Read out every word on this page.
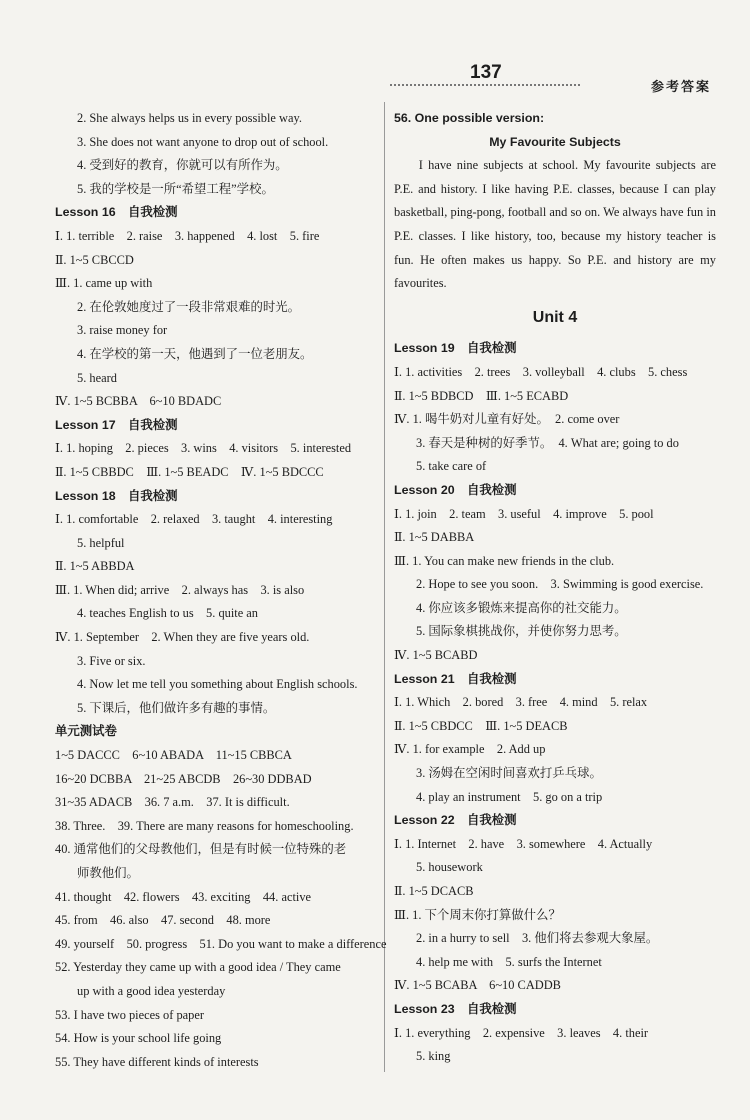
137
参考答案
2. She always helps us in every possible way.
3. She does not want anyone to drop out of school.
4. 受到好的教育，你就可以有所作为。
5. 我的学校是一所“希望工程”学校。
Lesson 16　自我检测
Ⅰ. 1. terrible　2. raise　3. happened　4. lost　5. fire
Ⅱ. 1~5 CBCCD
Ⅲ. 1. came up with
2. 在伦敦她度过了一段非常艰难的时光。
3. raise money for
4. 在学校的第一天，他遇到了一位老朋友。
5. heard
Ⅳ. 1~5 BCBBA　6~10 BDADC
Lesson 17　自我检测
Ⅰ. 1. hoping　2. pieces　3. wins　4. visitors　5. interested
Ⅱ. 1~5 CBBDC　Ⅲ. 1~5 BEADC　Ⅳ. 1~5 BDCCC
Lesson 18　自我检测
Ⅰ. 1. comfortable　2. relaxed　3. taught　4. interesting
5. helpful
Ⅱ. 1~5 ABBDA
Ⅲ. 1. When did; arrive　2. always has　3. is also
4. teaches English to us　5. quite an
Ⅳ. 1. September　2. When they are five years old.
3. Five or six.
4. Now let me tell you something about English schools.
5. 下课后，他们做许多有趣的事情。
单元测试卷
1~5 DACCC　6~10 ABADA　11~15 CBBCA
16~20 DCBBA　21~25 ABCDB　26~30 DDBAD
31~35 ADACB　36. 7 a.m.　37. It is difficult.
38. Three.　39. There are many reasons for homeschooling.
40. 通常他们的父母教他们，但是有时候一位特殊的老
师教他们。
41. thought　42. flowers　43. exciting　44. active
45. from　46. also　47. second　48. more
49. yourself　50. progress　51. Do you want to make a difference
52. Yesterday they came up with a good idea / They came
up with a good idea yesterday
53. I have two pieces of paper
54. How is your school life going
55. They have different kinds of interests
56. One possible version:
My Favourite Subjects
I have nine subjects at school. My favourite subjects are P.E. and history. I like having P.E. classes, because I can play basketball, ping-pong, football and so on. We always have fun in P.E. classes. I like history, too, because my history teacher is fun. He often makes us happy. So P.E. and history are my favourites.
Unit 4
Lesson 19　自我检测
Ⅰ. 1. activities　2. trees　3. volleyball　4. clubs　5. chess
Ⅱ. 1~5 BDBCD　Ⅲ. 1~5 ECABD
Ⅳ. 1. 喝牛奶对儿童有好处。　2. come over
3. 春天是种树的好季节。　4. What are; going to do
5. take care of
Lesson 20　自我检测
Ⅰ. 1. join　2. team　3. useful　4. improve　5. pool
Ⅱ. 1~5 DABBA
Ⅲ. 1. You can make new friends in the club.
2. Hope to see you soon.　3. Swimming is good exercise.
4. 你应该多锻炼来提高你的社交能力。
5. 国际象棋挑战你，并使你努力思考。
Ⅳ. 1~5 BCABD
Lesson 21　自我检测
Ⅰ. 1. Which　2. bored　3. free　4. mind　5. relax
Ⅱ. 1~5 CBDCC　Ⅲ. 1~5 DEACB
Ⅳ. 1. for example　2. Add up
3. 汤姆在空闲时间喜欢打乒乓球。
4. play an instrument　5. go on a trip
Lesson 22　自我检测
Ⅰ. 1. Internet　2. have　3. somewhere　4. Actually
5. housework
Ⅱ. 1~5 DCACB
Ⅲ. 1. 下个周末你打算做什么？
2. in a hurry to sell　3. 他们将去参观大象屋。
4. help me with　5. surfs the Internet
Ⅳ. 1~5 BCABA　6~10 CADDB
Lesson 23　自我检测
Ⅰ. 1. everything　2. expensive　3. leaves　4. their
5. king
